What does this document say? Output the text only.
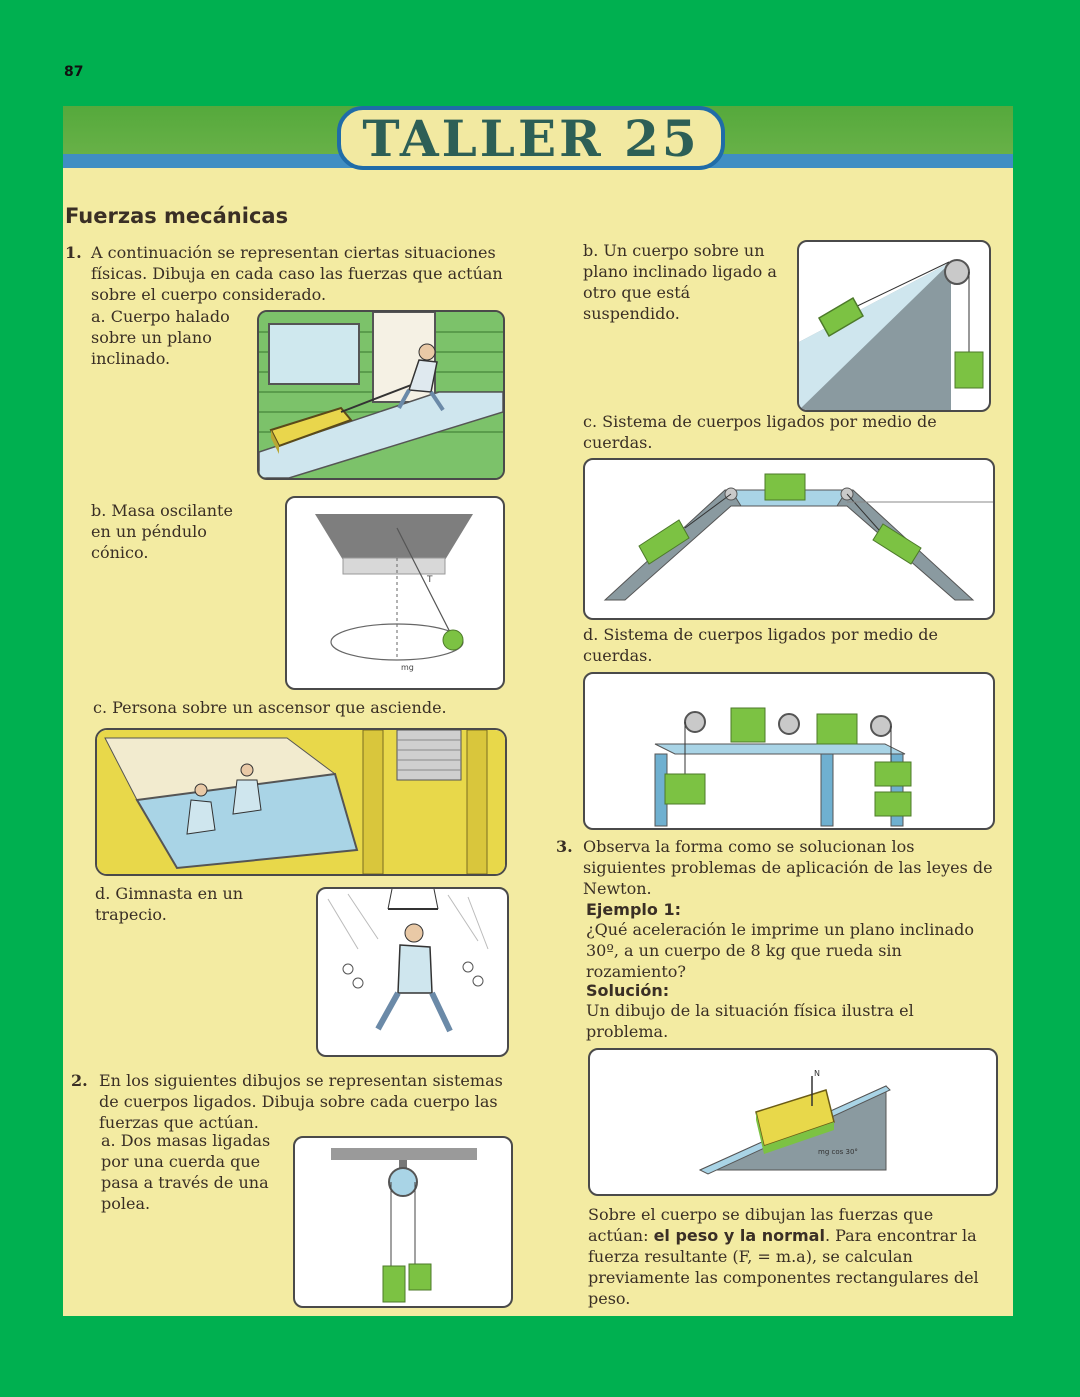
87
TALLER 25
Fuerzas mecánicas
1. A continuación se representan ciertas situaciones físicas. Dibuja en cada caso las fuerzas que actúan sobre el cuerpo considerado.
a. Cuerpo halado sobre un plano inclinado.
b. Masa oscilante en un péndulo cónico.
T
mg
c. Persona sobre un ascensor que asciende.
d. Gimnasta en un trapecio.
2. En los siguientes dibujos se representan sistemas de cuerpos ligados. Dibuja sobre cada cuerpo las fuerzas que actúan.
a. Dos masas ligadas por una cuerda que pasa a través de una polea.
b. Un cuerpo sobre un plano inclinado ligado a otro que está suspendido.
c. Sistema de cuerpos ligados por medio de cuerdas.
d. Sistema de cuerpos ligados por medio de cuerdas.
3. Observa la forma como se solucionan los siguientes problemas de aplicación de las leyes de Newton.
Ejemplo 1:
¿Qué aceleración le imprime un plano inclinado 30º, a un cuerpo de 8 kg que rueda sin rozamiento?
Solución:
Un dibujo de la situación física ilustra el problema.
N
mg cos 30°
Sobre el cuerpo se dibujan las fuerzas que actúan: el peso y la normal. Para encontrar la fuerza resultante (F, = m.a), se calculan previamente las componentes rectangulares del peso.
